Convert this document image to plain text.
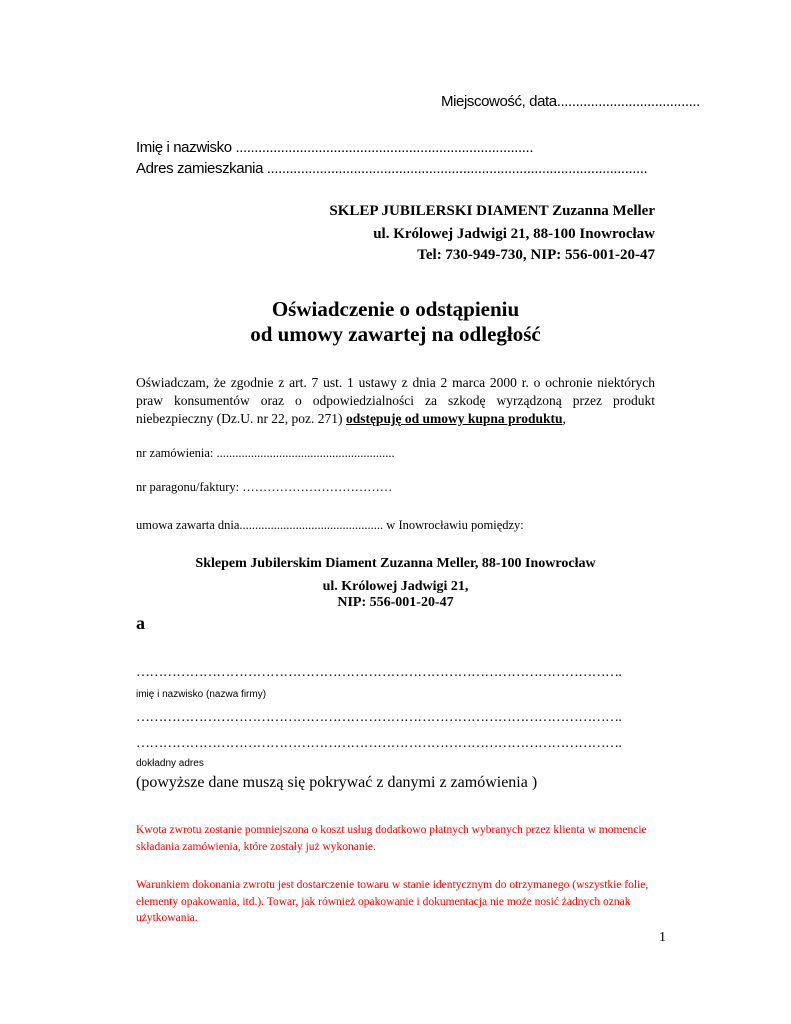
Miejscowość, data......................................
Imię i nazwisko ...............................................................................
Adres zamieszkania .....................................................................................................
SKLEP JUBILERSKI DIAMENT Zuzanna Meller
ul. Królowej Jadwigi 21, 88-100 Inowrocław
Tel: 730-949-730, NIP: 556-001-20-47
Oświadczenie o odstąpieniu
od umowy zawartej na odległość
Oświadczam, że zgodnie z art. 7 ust. 1 ustawy z dnia 2 marca 2000 r. o ochronie niektórych praw konsumentów oraz o odpowiedzialności za szkodę wyrządzoną przez produkt niebezpieczny (Dz.U. nr 22, poz. 271) odstępuję od umowy kupna produktu,
nr zamówienia: .........................................................
nr paragonu/faktury: ………………………………
umowa zawarta dnia.............................................. w Inowrocławiu pomiędzy:
Sklepem Jubilerskim Diament Zuzanna Meller, 88-100 Inowrocław
ul. Królowej Jadwigi 21,
NIP: 556-001-20-47
a
……………………………………………………………………………………………….
imię i nazwisko (nazwa firmy)
……………………………………………………………………………………………….
……………………………………………………………………………………………….
dokładny adres
(powyższe dane muszą się pokrywać z danymi z zamówienia )
Kwota zwrotu zostanie pomniejszona o koszt usług dodatkowo płatnych wybranych przez klienta w momencie składania zamówienia, które zostały już wykonanie.
Warunkiem dokonania zwrotu jest dostarczenie towaru w stanie identycznym do otrzymanego (wszystkie folie, elementy opakowania, itd.). Towar, jak również opakowanie i dokumentacja nie może nosić żadnych oznak użytkowania.
1
